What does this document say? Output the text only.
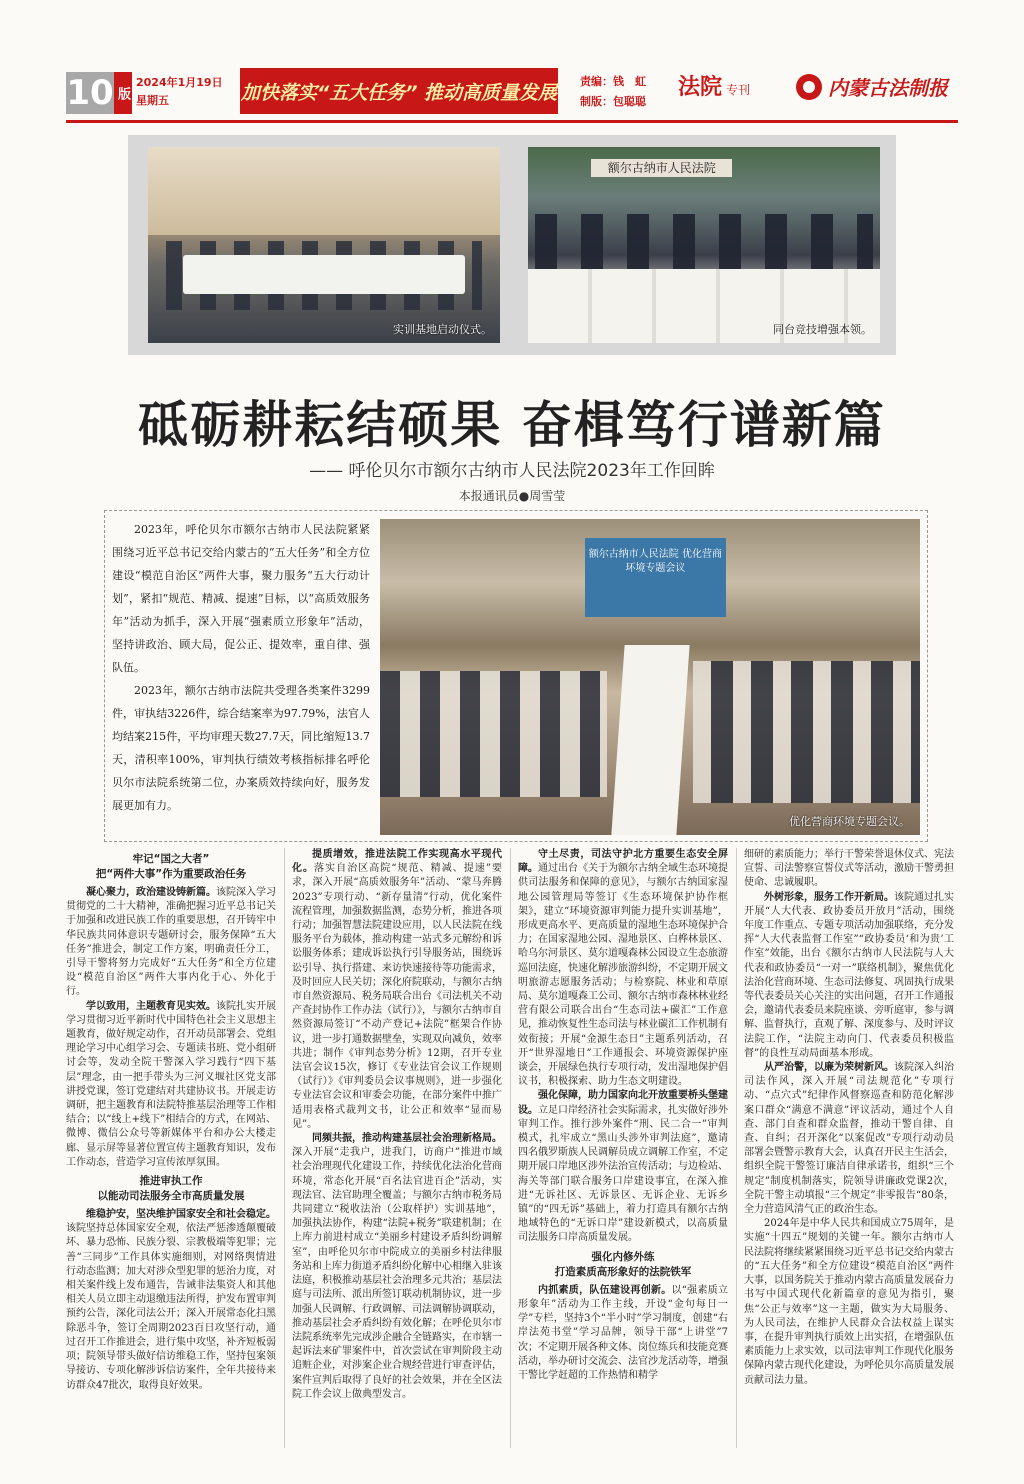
10 版
2024年1月19日
星期五	加快落实“五大任务” 推动高质量发展 责编：钱　虹
制版：包聪聪
法院 专刊	内蒙古法制报
实训基地启动仪式。
额尔古纳市人民法院
同台竞技增强本领。
砥砺耕耘结硕果 奋楫笃行谱新篇
—— 呼伦贝尔市额尔古纳市人民法院2023年工作回眸
本报通讯员●周雪莹

2023年，呼伦贝尔市额尔古纳市人民法院紧紧围绕习近平总书记交给内蒙古的“五大任务”和全方位建设“模范自治区”两件大事，聚力服务“五大行动计划”，紧扣“规范、精减、提速”目标，以“高质效服务年”活动为抓手，深入开展“强素质立形象年”活动，坚持讲政治、顾大局，促公正、提效率，重自律、强队伍。

2023年，额尔古纳市法院共受理各类案件3299件，审执结3226件，综合结案率为97.79%，法官人均结案215件，平均审理天数27.7天，同比缩短13.7天，清积率100%，审判执行绩效考核指标排名呼伦贝尔市法院系统第二位，办案质效持续向好，服务发展更加有力。

额尔古纳市人民法院 优化营商环境专题会议
优化营商环境专题会议。
牢记“国之大者”
把“两件大事”作为重要政治任务

凝心聚力，政治建设铸新篇。该院深入学习贯彻党的二十大精神，准确把握习近平总书记关于加强和改进民族工作的重要思想，召开铸牢中华民族共同体意识专题研讨会，服务保障“五大任务”推进会，制定工作方案，明确责任分工，引导干警将努力完成好“五大任务”和全方位建设“模范自治区”两件大事内化于心、外化于行。

学以致用，主题教育见实效。该院扎实开展学习贯彻习近平新时代中国特色社会主义思想主题教育，做好规定动作，召开动员部署会、党组理论学习中心组学习会、专题读书班、党小组研讨会等，发动全院干警深入学习践行“四下基层”理念，由一把手带头为三河义堰社区党支部讲授党课，签订党建结对共建协议书。开展走访调研，把主题教育和法院特推基层治理等工作相结合；以“线上+线下”相结合的方式，在网站、微博、微信公众号等新媒体平台和办公大楼走廊、显示屏等显著位置宣传主题教育知识，发布工作动态，营造学习宣传浓厚氛围。

推进审执工作
以能动司法服务全市高质量发展

维稳护安，坚决维护国家安全和社会稳定。该院坚持总体国家安全观，依法严惩渗透颠覆破坏、暴力恐怖、民族分裂、宗教极端等犯罪；完善“三同步”工作具体实施细则，对网络舆情进行动态监测；加大对涉众型犯罪的惩治力度，对相关案件线上发布通告，告诫非法集资人和其他相关人员立即主动退缴违法所得，护发布置审判预约公告，深化司法公开；深入开展常态化扫黑除恶斗争，签订全周期2023百日攻坚行动，通过召开工作推进会，进行集中攻坚，补齐短板弱项；院领导带头做好信访维稳工作，坚持包案领导接访、专项化解涉诉信访案件，全年共接待来访群众47批次，取得良好效果。

提质增效，推进法院工作实现高水平现代化。落实自治区高院“规范、精减、提速”要求，深入开展“高质效服务年”活动、“蒙马奔腾2023”专项行动、“新存量清”行动，优化案件流程管理，加强数据监测，态势分析，推进各项行动；加强智慧法院建设应用，以人民法院在线服务平台为载体，推动构建一站式多元解纷和诉讼服务体系；建成诉讼执行引导服务站，围绕诉讼引导、执行搭建、来访快速接待等功能需求，及时回应人民关切；深化府院联动，与额尔古纳市自然资源局、税务局联合出台《司法机关不动产查封协作工作办法（试行）》，与额尔古纳市自然资源局签订“不动产登记+法院”框架合作协议，进一步打通数据壁垒，实现双向减负，效率共进；制作《审判态势分析》12期，召开专业法官会议15次，修订《专业法官会议工作规则（试行）》《审判委员会议事规则》，进一步强化专业法官会议和审委会功能，在部分案件中推广适用表格式裁判文书，让公正和效率“显而易见”。

同频共振，推动构建基层社会治理新格局。深入开展“走我户，进我门，访商户”推进市域社会治理现代化建设工作，持续优化法治化营商环境，常态化开展“百名法官进百企”活动，实现法官、法官助理全覆盖；与额尔古纳市税务局共同建立“税收法治（公取样护）实训基地”，加强执法协作，构建“法院+税务”联建机制；在上库力前进村成立“美丽乡村建设矛盾纠纷调解室”，由呼伦贝尔市中院成立的美丽乡村法律服务站和上库力街道矛盾纠纷化解中心相继入驻该法庭，积极推动基层社会治理多元共治；基层法庭与司法所、派出所签订联动机制协议，进一步加强人民调解、行政调解、司法调解协调联动，推动基层社会矛盾纠纷有效化解；在呼伦贝尔市法院系统率先完成涉企融合全链路实，在市辖一起诉法来矿罪案件中，首次尝试在审判阶段主动追赃企业，对涉案企业合规经营进行审查评估，案件宣判后取得了良好的社会效果，并在全区法院工作会议上做典型发言。

守土尽责，司法守护北方重要生态安全屏障。通过出台《关于为额尔古纳全域生态环境提供司法服务和保障的意见》，与额尔古纳国家湿地公园管理局等签订《生态环境保护协作框架》，建立“环境资源审判能力提升实训基地”，形成更高水平、更高质量的湿地生态环境保护合力；在国家湿地公园、湿地景区、白桦林景区、哈乌尔河景区、莫尔道嘎森林公园设立生态旅游巡回法庭，快速化解涉旅游纠纷，不定期开展文明旅游志愿服务活动；与检察院、林业和草原局、莫尔道嘎森工公司、额尔古纳市森林林业经营有限公司联合出台“生态司法+碳汇”工作意见，推动恢复性生态司法与林业碳汇工作机制有效衔接；开展“金源生态日”主题系列活动，召开“世界湿地日”工作通报会、环境资源保护座谈会，开展绿色执行专项行动，发出湿地保护倡议书，积极探索、助力生态文明建设。

强化保障，助力国家向北开放重要桥头堡建设。立足口岸经济社会实际需求，扎实做好涉外审判工作。推行涉外案件“刑、民二合一”审判模式，扎牢成立“黑山头涉外审判法庭”，邀请四名俄罗斯族人民调解员成立调解工作室，不定期开展口岸地区涉外法治宣传活动；与边检站、海关等部门联合服务口岸建设事宜，在深入推进“无诉社区、无诉景区、无诉企业、无诉乡镇”的“四无诉”基础上，着力打造具有额尔古纳地域特色的“无诉口岸”建设新模式，以高质量司法服务口岸高质量发展。

强化内修外练
打造素质高形象好的法院铁军

内抓素质，队伍建设再创新。以“强素质立形象年”活动为工作主线，开设“金句每日一学”专栏，坚持3个“半小时”学习制度，创建“右岸法苑书堂”学习品牌，领导干部“上讲堂”7次；不定期开展各种文体、岗位练兵和技能竞赛活动，举办研讨交流会、法官沙龙活动等，增强干警比学赶超的工作热情和精学

细研的素质能力；举行干警荣誉退休仪式、宪法宣誓、司法警察宣誓仪式等活动，激励干警勇担使命、忠诚履职。

外树形象，服务工作开新局。该院通过扎实开展“人大代表、政协委员开放月”活动，围绕年度工作重点、专题专项活动加强联络，充分发挥“人大代表监督工作室”“政协委员‘和为贵’工作室”效能，出台《额尔古纳市人民法院与人大代表和政协委员“一对一”联络机制》，聚焦优化法治化营商环境、生态司法修复、巩固执行成果等代表委员关心关注的实出问题，召开工作通报会，邀请代表委员来院座谈、旁听庭审，参与调解、监督执行，直观了解、深度参与、及时评议法院工作，“法院主动向门、代表委员积极监督”的良性互动局面基本形成。

从严治警，以廉为荣树新风。该院深入纠治司法作风，深入开展“司法规范化”专项行动、“点穴式”纪律作风督察巡查和防范化解涉案口群众“满意不满意”评议活动，通过个人自查、部门自查和群众监督，推动干警自律、自查、自纠；召开深化“以案促改”专项行动动员部署会暨警示教育大会，认真召开民主生活会，组织全院干警签订廉洁自律承诺书，组织“三个规定”制度机制落实，院领导讲廉政党课2次，全院干警主动填报“三个规定”非零报告“80条，全力营造风清气正的政治生态。

2024年是中华人民共和国成立75周年，是实施“十四五”规划的关键一年。额尔古纳市人民法院将继续紧紧围绕习近平总书记交给内蒙古的“五大任务”和全方位建设“模范自治区”两件大事，以国务院关于推动内蒙古高质量发展奋力书写中国式现代化新篇章的意见为指引，聚焦“公正与效率”这一主题，做实为大局服务、为人民司法，在维护人民群众合法权益上谋实事，在提升审判执行质效上出实招，在增强队伍素质能力上求实效，以司法审判工作现代化服务保障内蒙古现代化建设，为呼伦贝尔高质量发展贡献司法力量。
